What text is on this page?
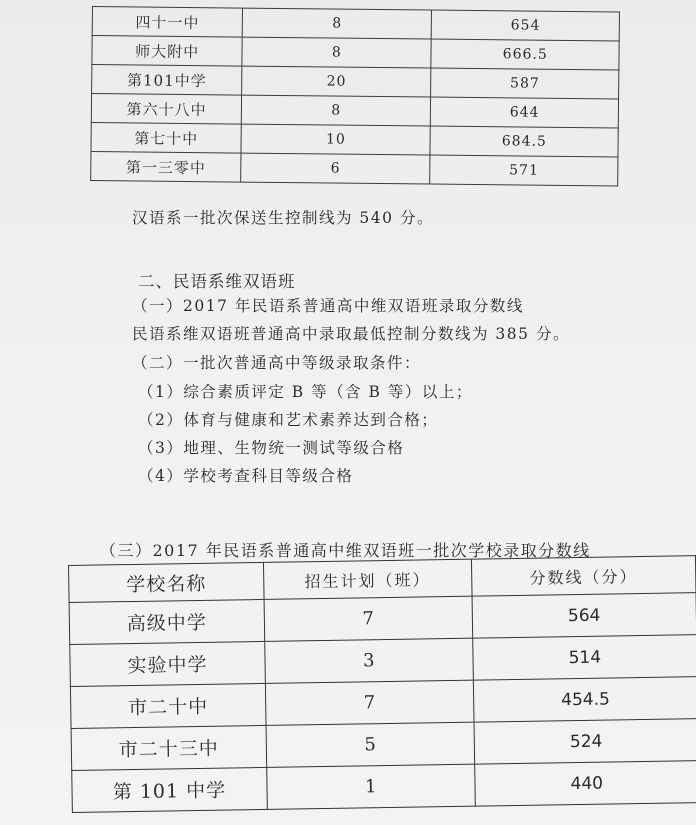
四十一中	8	654
师大附中	8	666.5
第101中学	20	587
第六十八中	8	644
第七十中	10	684.5
第一三零中	6	571
汉语系一批次保送生控制线为 540 分。
二、民语系维双语班
（一）2017 年民语系普通高中维双语班录取分数线
民语系维双语班普通高中录取最低控制分数线为 385 分。
（二）一批次普通高中等级录取条件：
（1）综合素质评定 B 等（含 B 等）以上；
（2）体育与健康和艺术素养达到合格；
（3）地理、生物统一测试等级合格
（4）学校考查科目等级合格
（三）2017 年民语系普通高中维双语班一批次学校录取分数线
学校名称	招生计划（班）	分数线（分）
高级中学	7	564
实验中学	3	514
市二十中	7	454.5
市二十三中	5	524
第 101 中学	1	440
